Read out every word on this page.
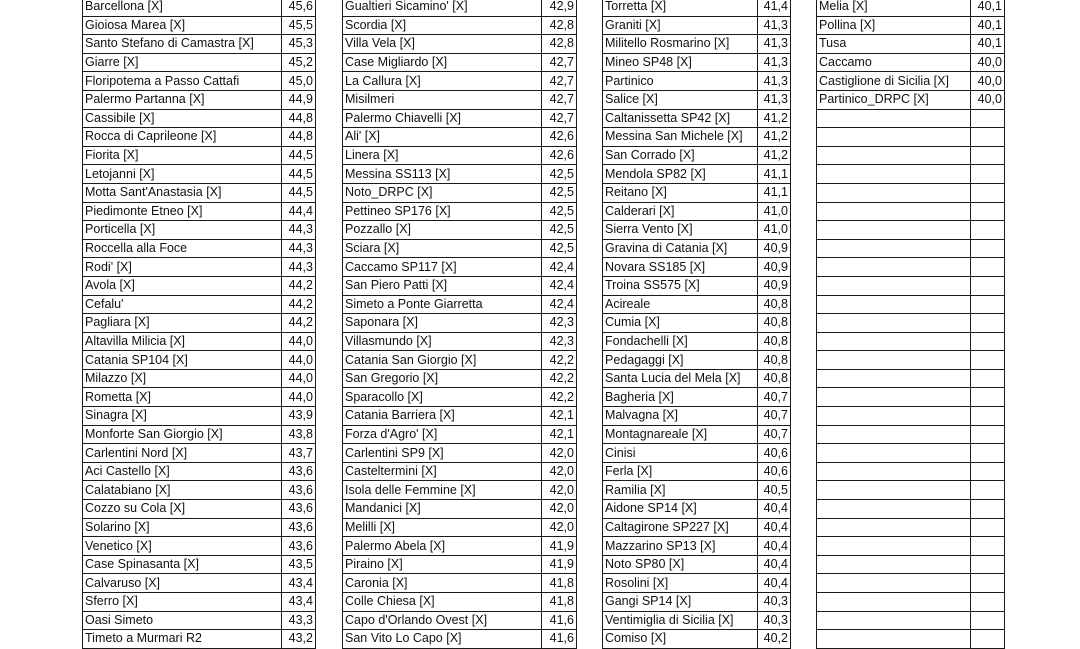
Barcellona [X]	45,6
Gioiosa Marea [X]	45,5
Santo Stefano di Camastra [X]	45,3
Giarre [X]	45,2
Floripotema a Passo Cattafi	45,0
Palermo Partanna [X]	44,9
Cassibile [X]	44,8
Rocca di Caprileone [X]	44,8
Fiorita [X]	44,5
Letojanni [X]	44,5
Motta Sant'Anastasia [X]	44,5
Piedimonte Etneo [X]	44,4
Porticella [X]	44,3
Roccella alla Foce	44,3
Rodi' [X]	44,3
Avola [X]	44,2
Cefalu'	44,2
Pagliara [X]	44,2
Altavilla Milicia [X]	44,0
Catania SP104 [X]	44,0
Milazzo [X]	44,0
Rometta [X]	44,0
Sinagra [X]	43,9
Monforte San Giorgio [X]	43,8
Carlentini Nord [X]	43,7
Aci Castello [X]	43,6
Calatabiano [X]	43,6
Cozzo su Cola [X]	43,6
Solarino [X]	43,6
Venetico [X]	43,6
Case Spinasanta [X]	43,5
Calvaruso [X]	43,4
Sferro [X]	43,4
Oasi Simeto	43,3
Timeto a Murmari R2	43,2
Gualtieri Sicamino' [X]	42,9
Scordia [X]	42,8
Villa Vela [X]	42,8
Case Migliardo [X]	42,7
La Callura [X]	42,7
Misilmeri	42,7
Palermo Chiavelli [X]	42,7
Ali' [X]	42,6
Linera [X]	42,6
Messina SS113 [X]	42,5
Noto_DRPC [X]	42,5
Pettineo SP176 [X]	42,5
Pozzallo [X]	42,5
Sciara [X]	42,5
Caccamo SP117 [X]	42,4
San Piero Patti [X]	42,4
Simeto a Ponte Giarretta	42,4
Saponara [X]	42,3
Villasmundo [X]	42,3
Catania San Giorgio [X]	42,2
San Gregorio [X]	42,2
Sparacollo [X]	42,2
Catania Barriera [X]	42,1
Forza d'Agro' [X]	42,1
Carlentini SP9 [X]	42,0
Casteltermini [X]	42,0
Isola delle Femmine [X]	42,0
Mandanici [X]	42,0
Melilli [X]	42,0
Palermo Abela [X]	41,9
Piraino [X]	41,9
Caronia [X]	41,8
Colle Chiesa [X]	41,8
Capo d'Orlando Ovest [X]	41,6
San Vito Lo Capo [X]	41,6
Torretta [X]	41,4
Graniti [X]	41,3
Militello Rosmarino [X]	41,3
Mineo SP48 [X]	41,3
Partinico	41,3
Salice [X]	41,3
Caltanissetta SP42 [X]	41,2
Messina San Michele [X]	41,2
San Corrado [X]	41,2
Mendola SP82 [X]	41,1
Reitano [X]	41,1
Calderari [X]	41,0
Sierra Vento [X]	41,0
Gravina di Catania [X]	40,9
Novara SS185 [X]	40,9
Troina SS575 [X]	40,9
Acireale	40,8
Cumia [X]	40,8
Fondachelli [X]	40,8
Pedagaggi [X]	40,8
Santa Lucia del Mela [X]	40,8
Bagheria [X]	40,7
Malvagna [X]	40,7
Montagnareale [X]	40,7
Cinisi	40,6
Ferla [X]	40,6
Ramilia [X]	40,5
Aidone SP14 [X]	40,4
Caltagirone SP227 [X]	40,4
Mazzarino SP13 [X]	40,4
Noto SP80 [X]	40,4
Rosolini [X]	40,4
Gangi SP14 [X]	40,3
Ventimiglia di Sicilia [X]	40,3
Comiso [X]	40,2
Melia [X]	40,1
Pollina [X]	40,1
Tusa	40,1
Caccamo	40,0
Castiglione di Sicilia [X]	40,0
Partinico_DRPC [X]	40,0
